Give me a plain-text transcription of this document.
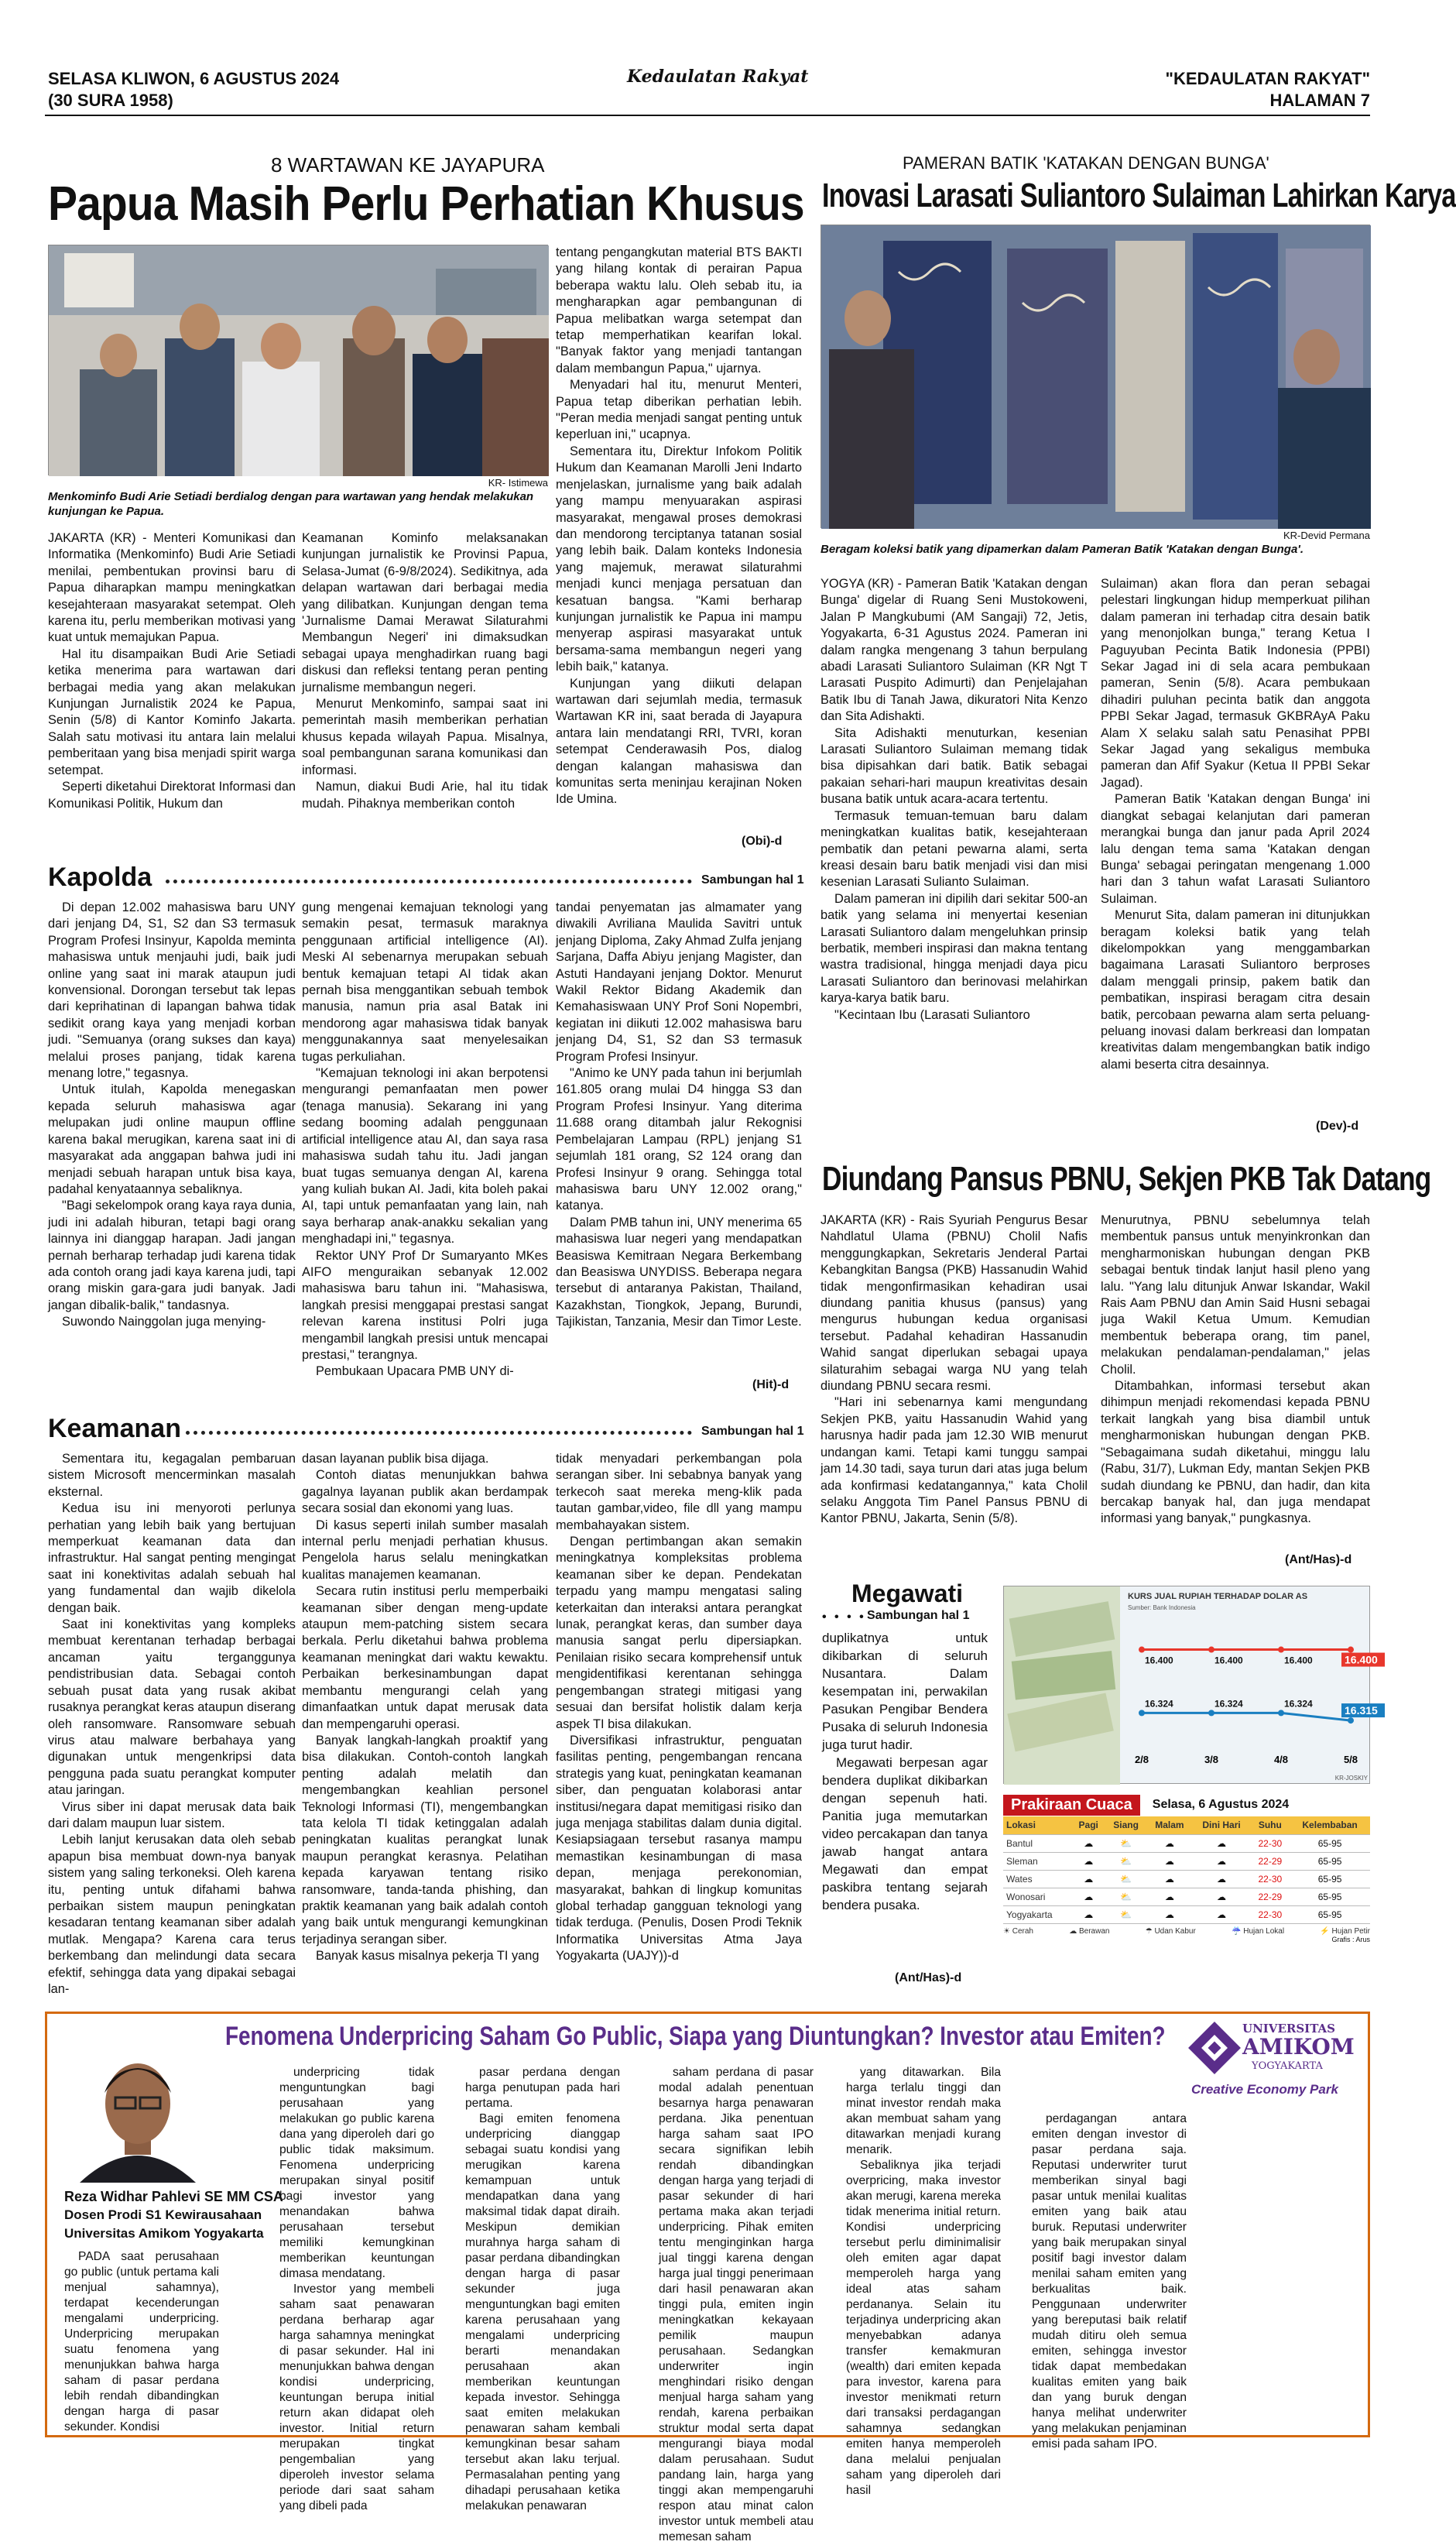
SELASA KLIWON, 6 AGUSTUS 2024
(30 SURA 1958)
Kedaulatan Rakyat	"KEDAULATAN RAKYAT"
HALAMAN 7
8 WARTAWAN KE JAYAPURA
Papua Masih Perlu Perhatian Khusus
KR- Istimewa
Menkominfo Budi Arie Setiadi berdialog dengan para wartawan yang hendak melakukan kunjungan ke Papua.

JAKARTA (KR) - Menteri Komunikasi dan Informatika (Menkominfo) Budi Arie Setiadi menilai, pembentukan provinsi baru di Papua diharapkan mampu meningkatkan kesejahteraan masyarakat setempat. Oleh karena itu, perlu memberikan motivasi yang kuat untuk memajukan Papua.

Hal itu disampaikan Budi Arie Setiadi ketika menerima para wartawan dari berbagai media yang akan melakukan Kunjungan Jurnalistik 2024 ke Papua, Senin (5/8) di Kantor Kominfo Jakarta. Salah satu motivasi itu antara lain melalui pemberitaan yang bisa menjadi spirit warga setempat.

Seperti diketahui Direktorat Informasi dan Komunikasi Politik, Hukum dan

Keamanan Kominfo melaksanakan kunjungan jurnalistik ke Provinsi Papua, Selasa-Jumat (6-9/8/2024). Sedikitnya, ada delapan wartawan dari berbagai media yang dilibatkan. Kunjungan dengan tema 'Jurnalisme Damai Merawat Silaturahmi Membangun Negeri' ini dimaksudkan sebagai upaya menghadirkan ruang bagi diskusi dan refleksi tentang peran penting jurnalisme membangun negeri.

Menurut Menkominfo, sampai saat ini pemerintah masih memberikan perhatian khusus kepada wilayah Papua. Misalnya, soal pembangunan sarana komunikasi dan informasi.

Namun, diakui Budi Arie, hal itu tidak mudah. Pihaknya memberikan contoh

tentang pengangkutan material BTS BAKTI yang hilang kontak di perairan Papua beberapa waktu lalu. Oleh sebab itu, ia mengharapkan agar pembangunan di Papua melibatkan warga setempat dan tetap memperhatikan kearifan lokal. "Banyak faktor yang menjadi tantangan dalam membangun Papua," ujarnya.

Menyadari hal itu, menurut Menteri, Papua tetap diberikan perhatian lebih. "Peran media menjadi sangat penting untuk keperluan ini," ucapnya.

Sementara itu, Direktur Infokom Politik Hukum dan Keamanan Marolli Jeni Indarto menjelaskan, jurnalisme yang baik adalah yang mampu menyuarakan aspirasi masyarakat, mengawal proses demokrasi dan mendorong terciptanya tatanan sosial yang lebih baik. Dalam konteks Indonesia yang majemuk, merawat silaturahmi menjadi kunci menjaga persatuan dan kesatuan bangsa. "Kami berharap kunjungan jurnalistik ke Papua ini mampu menyerap aspirasi masyarakat untuk bersama-sama membangun negeri yang lebih baik," katanya.

Kunjungan yang diikuti delapan wartawan dari sejumlah media, termasuk Wartawan KR ini, saat berada di Jayapura antara lain mendatangi RRI, TVRI, koran setempat Cenderawasih Pos, dialog dengan kalangan mahasiswa dan komunitas serta meninjau kerajinan Noken Ide Umina.

(Obi)-d
PAMERAN BATIK 'KATAKAN DENGAN BUNGA'
Inovasi Larasati Suliantoro Sulaiman Lahirkan Karya
KR-Devid Permana
Beragam koleksi batik yang dipamerkan dalam Pameran Batik 'Katakan dengan Bunga'.

YOGYA (KR) - Pameran Batik 'Katakan dengan Bunga' digelar di Ruang Seni Mustokoweni, Jalan P Mangkubumi (AM Sangaji) 72, Jetis, Yogyakarta, 6-31 Agustus 2024. Pameran ini dalam rangka mengenang 3 tahun berpulang abadi Larasati Suliantoro Sulaiman (KR Ngt T Larasati Puspito Adimurti) dan Penjelajahan Batik Ibu di Tanah Jawa, dikuratori Nita Kenzo dan Sita Adishakti.

Sita Adishakti menuturkan, kesenian Larasati Suliantoro Sulaiman memang tidak bisa dipisahkan dari batik. Batik sebagai pakaian sehari-hari maupun kreativitas desain busana batik untuk acara-acara tertentu.

Termasuk temuan-temuan baru dalam meningkatkan kualitas batik, kesejahteraan pembatik dan petani pewarna alami, serta kreasi desain baru batik menjadi visi dan misi kesenian Larasati Sulianto Sulaiman.

Dalam pameran ini dipilih dari sekitar 500-an batik yang selama ini menyertai kesenian Larasati Suliantoro dalam mengeluhkan prinsip berbatik, memberi inspirasi dan makna tentang wastra tradisional, hingga menjadi daya picu Larasati Suliantoro dan berinovasi melahirkan karya-karya batik baru.

"Kecintaan Ibu (Larasati Suliantoro

Sulaiman) akan flora dan peran sebagai pelestari lingkungan hidup memperkuat pilihan dalam pameran ini terhadap citra desain batik yang menonjolkan bunga," terang Ketua I Paguyuban Pecinta Batik Indonesia (PPBI) Sekar Jagad ini di sela acara pembukaan pameran, Senin (5/8). Acara pembukaan dihadiri puluhan pecinta batik dan anggota PPBI Sekar Jagad, termasuk GKBRAyA Paku Alam X selaku salah satu Penasihat PPBI Sekar Jagad yang sekaligus membuka pameran dan Afif Syakur (Ketua II PPBI Sekar Jagad).

Pameran Batik 'Katakan dengan Bunga' ini diangkat sebagai kelanjutan dari pameran merangkai bunga dan janur pada April 2024 lalu dengan tema sama 'Katakan dengan Bunga' sebagai peringatan mengenang 1.000 hari dan 3 tahun wafat Larasati Suliantoro Sulaiman.

Menurut Sita, dalam pameran ini ditunjukkan beragam koleksi batik yang telah dikelompokkan yang menggambarkan bagaimana Larasati Suliantoro berproses dalam menggali prinsip, pakem batik dan pembatikan, inspirasi beragam citra desain batik, percobaan pewarna alam serta peluang-peluang inovasi dalam berkreasi dan lompatan kreativitas dalam mengembangkan batik indigo alami beserta citra desainnya.

(Dev)-d
Diundang Pansus PBNU, Sekjen PKB Tak Datang

JAKARTA (KR) - Rais Syuriah Pengurus Besar Nahdlatul Ulama (PBNU) Cholil Nafis menggungkapkan, Sekretaris Jenderal Partai Kebangkitan Bangsa (PKB) Hassanudin Wahid tidak mengonfirmasikan kehadiran usai diundang panitia khusus (pansus) yang mengurus hubungan kedua organisasi tersebut. Padahal kehadiran Hassanudin Wahid sangat diperlukan sebagai upaya silaturahim sebagai warga NU yang telah diundang PBNU secara resmi.

"Hari ini sebenarnya kami mengundang Sekjen PKB, yaitu Hassanudin Wahid yang harusnya hadir pada jam 12.30 WIB menurut undangan kami. Tetapi kami tunggu sampai jam 14.30 tadi, saya turun dari atas juga belum ada konfirmasi kedatangannya," kata Cholil selaku Anggota Tim Panel Pansus PBNU di Kantor PBNU, Jakarta, Senin (5/8).

Menurutnya, PBNU sebelumnya telah membentuk pansus untuk menyinkronkan dan mengharmoniskan hubungan dengan PKB sebagai bentuk tindak lanjut hasil pleno yang lalu. "Yang lalu ditunjuk Anwar Iskandar, Wakil Rais Aam PBNU dan Amin Said Husni sebagai juga Wakil Ketua Umum. Kemudian membentuk beberapa orang, tim panel, melakukan pendalaman-pendalaman," jelas Cholil.

Ditambahkan, informasi tersebut akan dihimpun menjadi rekomendasi kepada PBNU terkait langkah yang bisa diambil untuk mengharmoniskan hubungan dengan PKB. "Sebagaimana sudah diketahui, minggu lalu (Rabu, 31/7), Lukman Edy, mantan Sekjen PKB sudah diundang ke PBNU, dan hadir, dan kita bercakap banyak hal, dan juga mendapat informasi yang banyak," pungkasnya.

(Ant/Has)-d
Kapolda	Sambungan hal 1

Di depan 12.002 mahasiswa baru UNY dari jenjang D4, S1, S2 dan S3 termasuk Program Profesi Insinyur, Kapolda meminta mahasiswa untuk menjauhi judi, baik judi online yang saat ini marak ataupun judi konvensional. Dorongan tersebut tak lepas dari keprihatinan di lapangan bahwa tidak sedikit orang kaya yang menjadi korban judi. "Semuanya (orang sukses dan kaya) melalui proses panjang, tidak karena menang lotre," tegasnya.

Untuk itulah, Kapolda menegaskan kepada seluruh mahasiswa agar melupakan judi online maupun offline karena bakal merugikan, karena saat ini di masyarakat ada anggapan bahwa judi ini menjadi sebuah harapan untuk bisa kaya, padahal kenyataannya sebaliknya.

"Bagi sekelompok orang kaya raya dunia, judi ini adalah hiburan, tetapi bagi orang lainnya ini dianggap harapan. Jadi jangan pernah berharap terhadap judi karena tidak ada contoh orang jadi kaya karena judi, tapi orang miskin gara-gara judi banyak. Jadi jangan dibalik-balik," tandasnya.

Suwondo Nainggolan juga menying-

gung mengenai kemajuan teknologi yang semakin pesat, termasuk maraknya penggunaan artificial intelligence (AI). Meski AI sebenarnya merupakan sebuah bentuk kemajuan tetapi AI tidak akan pernah bisa menggantikan sebuah tembok manusia, namun pria asal Batak ini mendorong agar mahasiswa tidak banyak menggunakannya saat menyelesaikan tugas perkuliahan.

"Kemajuan teknologi ini akan berpotensi mengurangi pemanfaatan men power (tenaga manusia). Sekarang ini yang sedang booming adalah penggunaan artificial intelligence atau AI, dan saya rasa mahasiswa sudah tahu itu. Jadi jangan buat tugas semuanya dengan AI, karena yang kuliah bukan AI. Jadi, kita boleh pakai AI, tapi untuk pemanfaatan yang lain, nah saya berharap anak-anakku sekalian yang menghadapi ini," tegasnya.

Rektor UNY Prof Dr Sumaryanto MKes AIFO menguraikan sebanyak 12.002 mahasiswa baru tahun ini. "Mahasiswa, langkah presisi menggapai prestasi sangat relevan karena institusi Polri juga mengambil langkah presisi untuk mencapai prestasi," terangnya.

Pembukaan Upacara PMB UNY di-

tandai penyematan jas almamater yang diwakili Avriliana Maulida Savitri untuk jenjang Diploma, Zaky Ahmad Zulfa jenjang Sarjana, Daffa Abiyu jenjang Magister, dan Astuti Handayani jenjang Doktor. Menurut Wakil Rektor Bidang Akademik dan Kemahasiswaan UNY Prof Soni Nopembri, kegiatan ini diikuti 12.002 mahasiswa baru jenjang D4, S1, S2 dan S3 termasuk Program Profesi Insinyur.

"Animo ke UNY pada tahun ini berjumlah 161.805 orang mulai D4 hingga S3 dan Program Profesi Insinyur. Yang diterima 11.688 orang ditambah jalur Rekognisi Pembelajaran Lampau (RPL) jenjang S1 sejumlah 181 orang, S2 124 orang dan Profesi Insinyur 9 orang. Sehingga total mahasiswa baru UNY 12.002 orang," katanya.

Dalam PMB tahun ini, UNY menerima 65 mahasiswa luar negeri yang mendapatkan Beasiswa Kemitraan Negara Berkembang dan Beasiswa UNYDISS. Beberapa negara tersebut di antaranya Pakistan, Thailand, Kazakhstan, Tiongkok, Jepang, Burundi, Tajikistan, Tanzania, Mesir dan Timor Leste.

(Hit)-d
Keamanan	Sambungan hal 1

Sementara itu, kegagalan pembaruan sistem Microsoft mencerminkan masalah eksternal.

Kedua isu ini menyoroti perlunya perhatian yang lebih baik yang bertujuan memperkuat keamanan data dan infrastruktur. Hal sangat penting mengingat saat ini konektivitas adalah sebuah hal yang fundamental dan wajib dikelola dengan baik.

Saat ini konektivitas yang kompleks membuat kerentanan terhadap berbagai ancaman yaitu terganggunya pendistribusian data. Sebagai contoh sebuah pusat data yang rusak akibat rusaknya perangkat keras ataupun diserang oleh ransomware. Ransomware sebuah virus atau malware berbahaya yang digunakan untuk mengenkripsi data pengguna pada suatu perangkat komputer atau jaringan.

Virus siber ini dapat merusak data baik dari dalam maupun luar sistem.

Lebih lanjut kerusakan data oleh sebab apapun bisa membuat down-nya banyak sistem yang saling terkoneksi. Oleh karena itu, penting untuk difahami bahwa perbaikan sistem maupun peningkatan kesadaran tentang keamanan siber adalah mutlak. Mengapa? Karena cara terus berkembang dan melindungi data secara efektif, sehingga data yang dipakai sebagai lan-

dasan layanan publik bisa dijaga.

Contoh diatas menunjukkan bahwa gagalnya layanan publik akan berdampak secara sosial dan ekonomi yang luas.

Di kasus seperti inilah sumber masalah internal perlu menjadi perhatian khusus. Pengelola harus selalu meningkatkan kualitas manajemen keamanan.

Secara rutin institusi perlu memperbaiki keamanan siber dengan meng-update ataupun mem-patching sistem secara berkala. Perlu diketahui bahwa problema keamanan meningkat dari waktu kewaktu. Perbaikan berkesinambungan dapat membantu mengurangi celah yang dimanfaatkan untuk dapat merusak data dan mempengaruhi operasi.

Banyak langkah-langkah proaktif yang bisa dilakukan. Contoh-contoh langkah penting adalah melatih dan mengembangkan keahlian personel Teknologi Informasi (TI), mengembangkan tata kelola TI tidak ketinggalan adalah peningkatan kualitas perangkat lunak maupun perangkat kerasnya. Pelatihan kepada karyawan tentang risiko ransomware, tanda-tanda phishing, dan praktik keamanan yang baik adalah contoh yang baik untuk mengurangi kemungkinan terjadinya serangan siber.

Banyak kasus misalnya pekerja TI yang

tidak menyadari perkembangan pola serangan siber. Ini sebabnya banyak yang terkecoh saat mereka meng-klik pada tautan gambar,video, file dll yang mampu membahayakan sistem.

Dengan pertimbangan akan semakin meningkatnya kompleksitas problema keamanan siber ke depan. Pendekatan terpadu yang mampu mengatasi saling keterkaitan dan interaksi antara perangkat lunak, perangkat keras, dan sumber daya manusia sangat perlu dipersiapkan. Penilaian risiko secara komprehensif untuk mengidentifikasi kerentanan sehingga pengembangan strategi mitigasi yang sesuai dan bersifat holistik dalam kerja aspek TI bisa dilakukan.

Diversifikasi infrastruktur, penguatan fasilitas penting, pengembangan rencana strategis yang kuat, peningkatan keamanan siber, dan penguatan kolaborasi antar institusi/negara dapat memitigasi risiko dan juga menjaga stabilitas dalam dunia digital. Kesiapsiagaan tersebut rasanya mampu memastikan kesinambungan di masa depan, menjaga perekonomian, masyarakat, bahkan di lingkup komunitas global terhadap gangguan teknologi yang tidak terduga. (Penulis, Dosen Prodi Teknik Informatika Universitas Atma Jaya Yogyakarta (UAJY))-d

Megawati
• • • • Sambungan hal 1

duplikatnya untuk dikibarkan di seluruh Nusantara. Dalam kesempatan ini, perwakilan Pasukan Pengibar Bendera Pusaka di seluruh Indonesia juga turut hadir.

Megawati berpesan agar bendera duplikat dikibarkan dengan sepenuh hati. Panitia juga memutarkan video percakapan dan tanya jawab hangat antara Megawati dan empat paskibra tentang sejarah bendera pusaka.

(Ant/Has)-d
KURS JUAL RUPIAH TERHADAP DOLAR AS
Sumber: Bank Indonesia
16.324	16.324	16.324
16.315
16.400	16.400	16.400	16.400
2/8	3/8	4/8	5/8
KR-JOSKIY
Prakiraan Cuaca	Selasa, 6 Agustus 2024
Lokasi	Pagi	Siang	Malam	Dini Hari	Suhu	Kelembaban
Bantul	☁	⛅	☁	☁	22-30	65-95
Sleman	☁	⛅	☁	☁	22-29	65-95
Wates	☁	⛅	☁	☁	22-30	65-95
Wonosari	☁	⛅	☁	☁	22-29	65-95
Yogyakarta	☁	⛅	☁	☁	22-30	65-95
☀ Cerah	☁ Berawan	☂ Udan Kabur	☔ Hujan Lokal	⚡ Hujan Petir
Grafis : Arus
Fenomena Underpricing Saham Go Public, Siapa yang Diuntungkan? Investor atau Emiten?
Reza Widhar Pahlevi SE MM CSA
Dosen Prodi S1 Kewirausahaan
Universitas Amikom Yogyakarta

PADA saat perusahaan go public (untuk pertama kali menjual sahamnya), terdapat kecenderungan mengalami underpricing. Underpricing merupakan suatu fenomena yang menunjukkan bahwa harga saham di pasar perdana lebih rendah dibandingkan dengan harga di pasar sekunder. Kondisi

underpricing tidak menguntungkan bagi perusahaan yang melakukan go public karena dana yang diperoleh dari go public tidak maksimum. Fenomena underpricing merupakan sinyal positif bagi investor yang menandakan bahwa perusahaan tersebut memiliki kemungkinan memberikan keuntungan dimasa mendatang.

Investor yang membeli saham saat penawaran perdana berharap agar harga sahamnya meningkat di pasar sekunder. Hal ini menunjukkan bahwa dengan kondisi underpricing, keuntungan berupa initial return akan didapat oleh investor. Initial return merupakan tingkat pengembalian yang diperoleh investor selama periode dari saat saham yang dibeli pada

pasar perdana dengan harga penutupan pada hari pertama.

Bagi emiten fenomena underpricing dianggap sebagai suatu kondisi yang merugikan karena kemampuan untuk mendapatkan dana yang maksimal tidak dapat diraih. Meskipun demikian murahnya harga saham di pasar perdana dibandingkan dengan harga di pasar sekunder juga menguntungkan bagi emiten karena perusahaan yang mengalami underpricing berarti menandakan perusahaan akan memberikan keuntungan kepada investor. Sehingga saat emiten melakukan penawaran saham kembali kemungkinan besar saham tersebut akan laku terjual. Permasalahan penting yang dihadapi perusahaan ketika melakukan penawaran

saham perdana di pasar modal adalah penentuan besarnya harga penawaran perdana. Jika penentuan harga saham saat IPO secara signifikan lebih rendah dibandingkan dengan harga yang terjadi di pasar sekunder di hari pertama maka akan terjadi underpricing. Pihak emiten tentu menginginkan harga jual tinggi karena dengan harga jual tinggi penerimaan dari hasil penawaran akan tinggi pula, emiten ingin meningkatkan kekayaan pemilik maupun perusahaan. Sedangkan underwriter ingin menghindari risiko dengan menjual harga saham yang rendah, karena perbaikan struktur modal serta dapat mengurangi biaya modal dalam perusahaan. Sudut pandang lain, harga yang tinggi akan mempengaruhi respon atau minat calon investor untuk membeli atau memesan saham

yang ditawarkan. Bila harga terlalu tinggi dan minat investor rendah maka akan membuat saham yang ditawarkan menjadi kurang menarik.

Sebaliknya jika terjadi overpricing, maka investor akan merugi, karena mereka tidak menerima initial return. Kondisi underpricing tersebut perlu diminimalisir oleh emiten agar dapat memperoleh harga yang ideal atas saham perdananya. Selain itu terjadinya underpricing akan menyebabkan adanya transfer kemakmuran (wealth) dari emiten kepada para investor, karena para investor menikmati return dari transaksi perdagangan sahamnya sedangkan emiten hanya memperoleh dana melalui penjualan saham yang diperoleh dari hasil

perdagangan antara emiten dengan investor di pasar perdana saja. Reputasi underwriter turut memberikan sinyal bagi pasar untuk menilai kualitas emiten yang baik atau buruk. Reputasi underwriter yang baik merupakan sinyal positif bagi investor dalam menilai saham emiten yang berkualitas baik. Penggunaan underwriter yang bereputasi baik relatif mudah ditiru oleh semua emiten, sehingga investor tidak dapat membedakan kualitas emiten yang baik dan yang buruk dengan hanya melihat underwriter yang melakukan penjaminan emisi pada saham IPO.

UNIVERSITAS
AMIKOM
YOGYAKARTA
Creative Economy Park
